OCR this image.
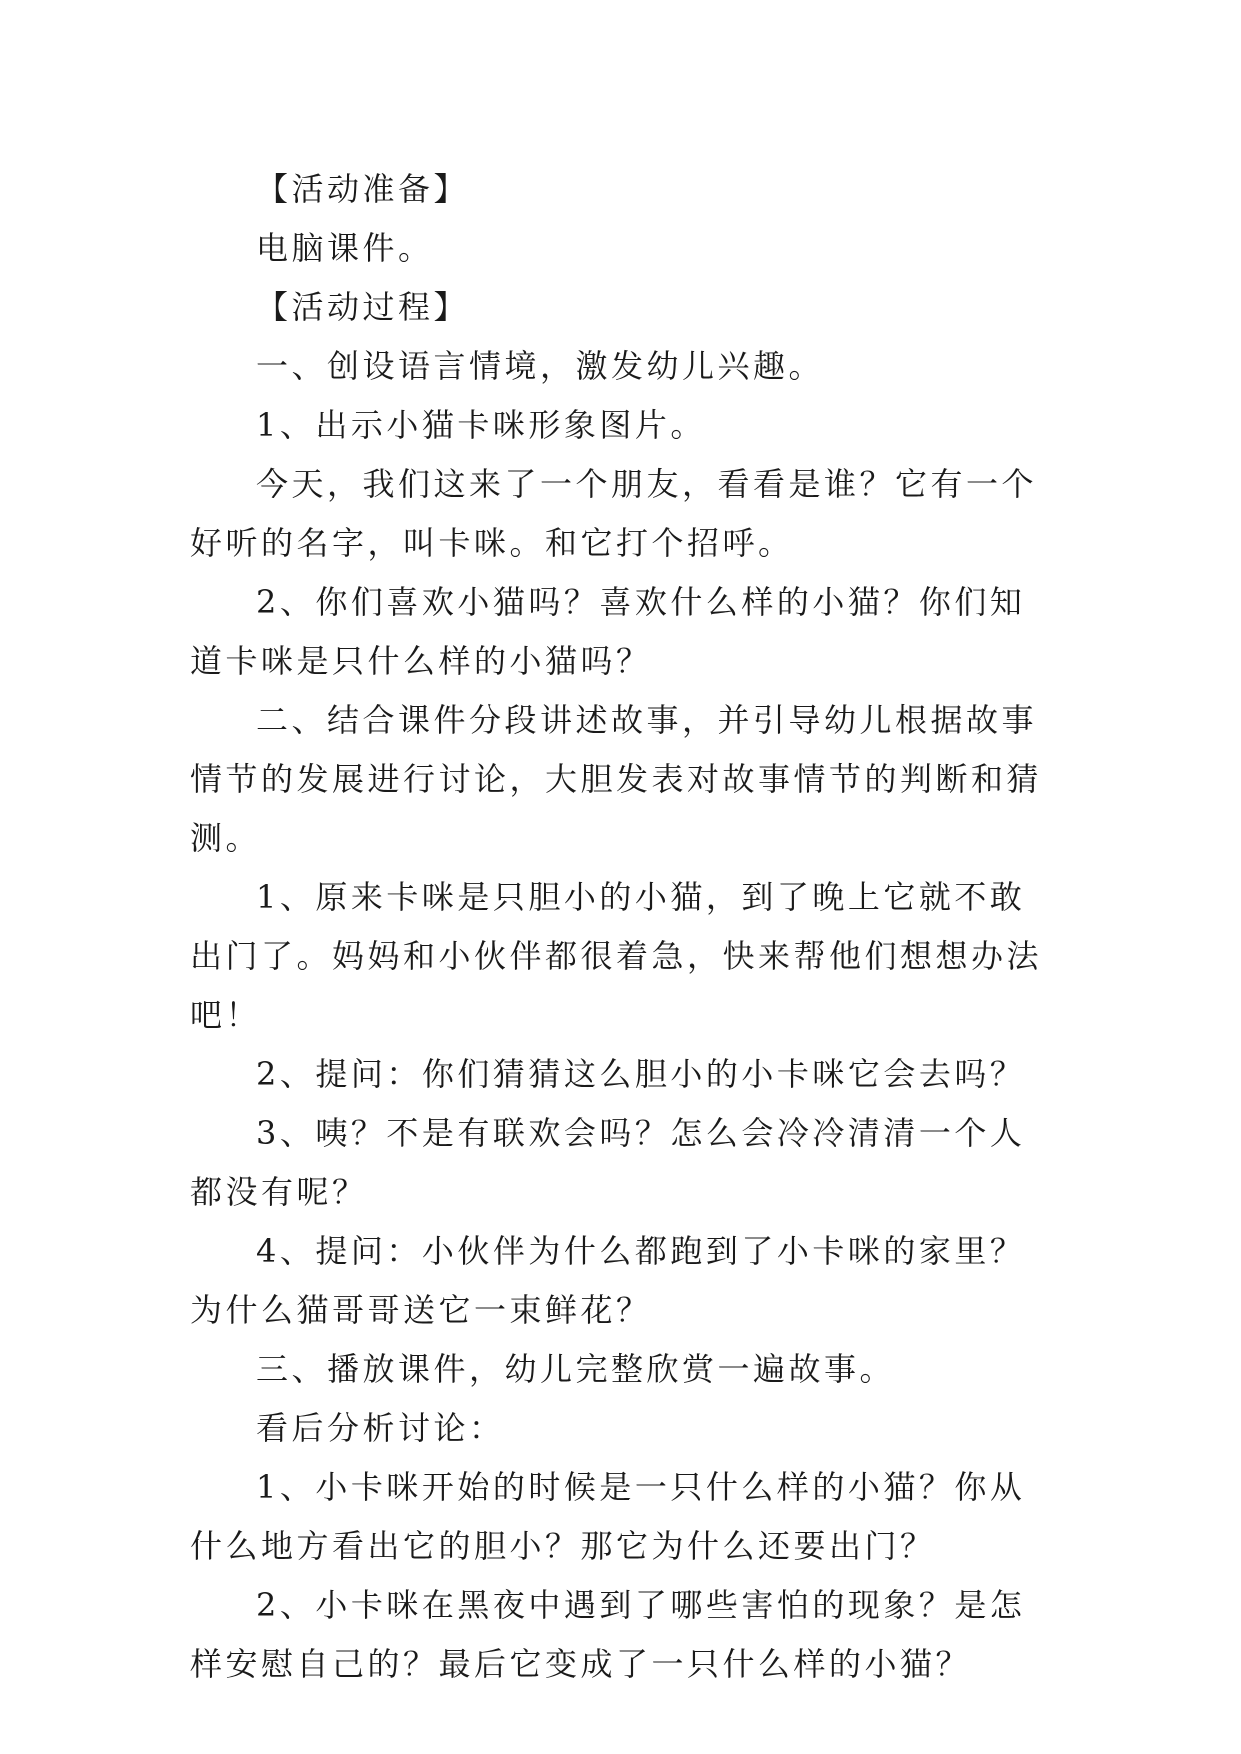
【活动准备】

电脑课件。

【活动过程】

一、创设语言情境，激发幼儿兴趣。

1、出示小猫卡咪形象图片。

今天，我们这来了一个朋友，看看是谁？它有一个好听的名字，叫卡咪。和它打个招呼。

2、你们喜欢小猫吗？喜欢什么样的小猫？你们知道卡咪是只什么样的小猫吗？

二、结合课件分段讲述故事，并引导幼儿根据故事情节的发展进行讨论，大胆发表对故事情节的判断和猜测。

1、原来卡咪是只胆小的小猫，到了晚上它就不敢出门了。妈妈和小伙伴都很着急，快来帮他们想想办法吧！

2、提问：你们猜猜这么胆小的小卡咪它会去吗？

3、咦？不是有联欢会吗？怎么会冷冷清清一个人都没有呢？

4、提问：小伙伴为什么都跑到了小卡咪的家里？为什么猫哥哥送它一束鲜花？

三、播放课件，幼儿完整欣赏一遍故事。

看后分析讨论：

1、小卡咪开始的时候是一只什么样的小猫？你从什么地方看出它的胆小？那它为什么还要出门？

2、小卡咪在黑夜中遇到了哪些害怕的现象？是怎样安慰自己的？最后它变成了一只什么样的小猫？
